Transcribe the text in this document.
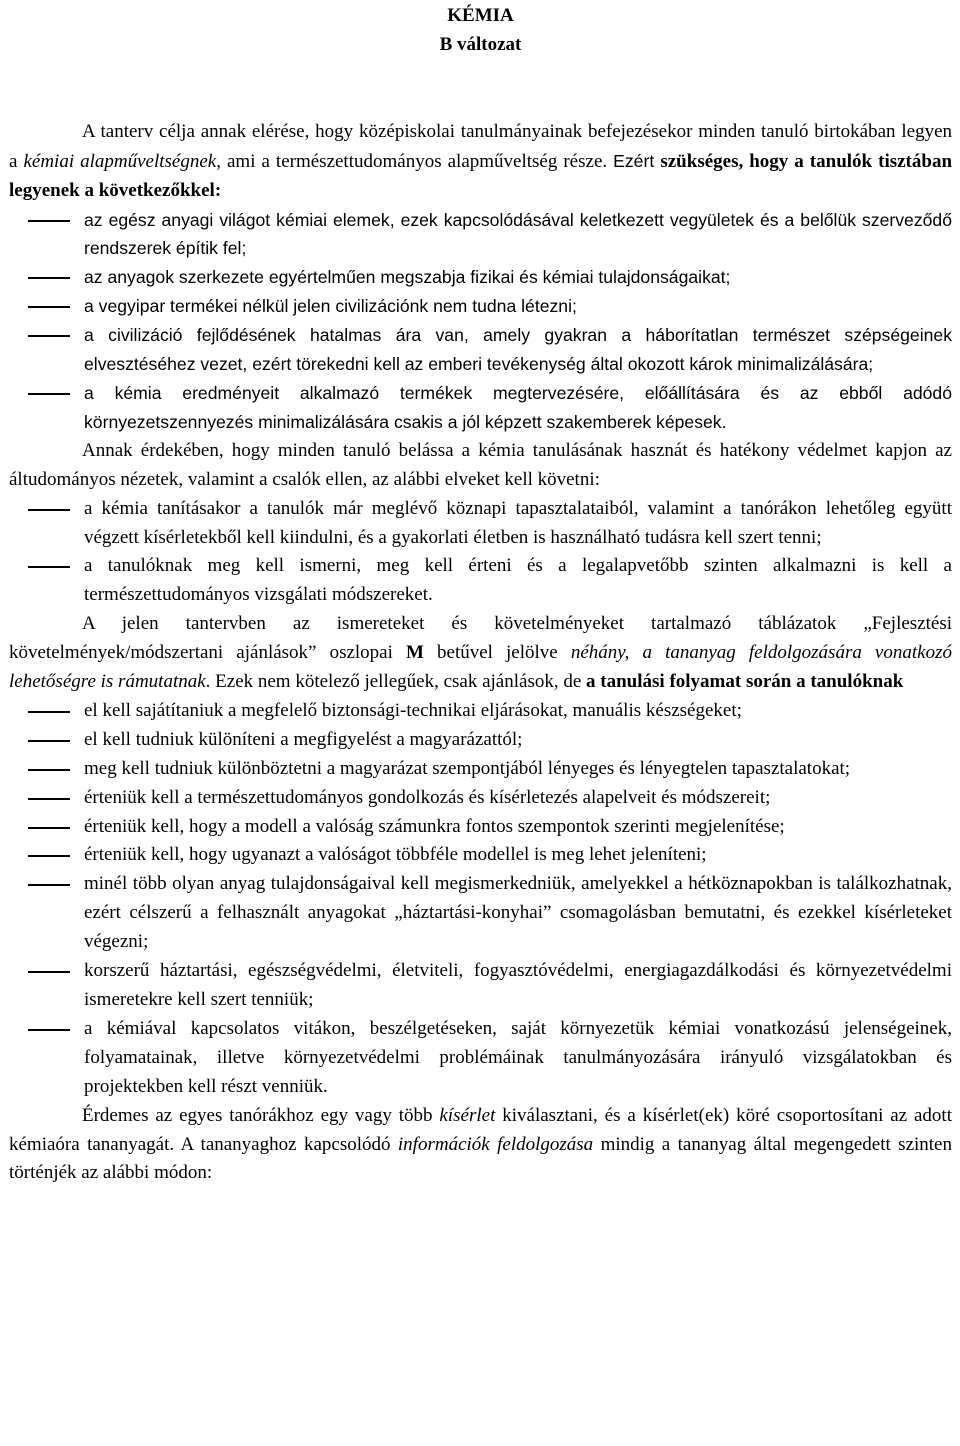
KÉMIA
B változat

A tanterv célja annak elérése, hogy középiskolai tanulmányainak befejezésekor minden tanuló birtokában legyen a kémiai alapműveltségnek, ami a természettudományos alapműveltség része. Ezért szükséges, hogy a tanulók tisztában legyenek a következőkkel:

az egész anyagi világot kémiai elemek, ezek kapcsolódásával keletkezett vegyületek és a belőlük szerveződő rendszerek építik fel;
az anyagok szerkezete egyértelműen megszabja fizikai és kémiai tulajdonságaikat;
a vegyipar termékei nélkül jelen civilizációnk nem tudna létezni;
a civilizáció fejlődésének hatalmas ára van, amely gyakran a háborítatlan természet szépségeinek elvesztéséhez vezet, ezért törekedni kell az emberi tevékenység által okozott károk minimalizálására;
a kémia eredményeit alkalmazó termékek megtervezésére, előállítására és az ebből adódó környezetszennyezés minimalizálására csakis a jól képzett szakemberek képesek.

Annak érdekében, hogy minden tanuló belássa a kémia tanulásának hasznát és hatékony védelmet kapjon az áltudományos nézetek, valamint a csalók ellen, az alábbi elveket kell követni:

a kémia tanításakor a tanulók már meglévő köznapi tapasztalataiból, valamint a tanórákon lehetőleg együtt végzett kísérletekből kell kiindulni, és a gyakorlati életben is használható tudásra kell szert tenni;
a tanulóknak meg kell ismerni, meg kell érteni és a legalapvetőbb szinten alkalmazni is kell a természettudományos vizsgálati módszereket.

A jelen tantervben az ismereteket és követelményeket tartalmazó táblázatok „Fejlesztési követelmények/módszertani ajánlások” oszlopai M betűvel jelölve néhány, a tananyag feldolgozására vonatkozó lehetőségre is rámutatnak. Ezek nem kötelező jellegűek, csak ajánlások, de a tanulási folyamat során a tanulóknak

el kell sajátítaniuk a megfelelő biztonsági-technikai eljárásokat, manuális készségeket;
el kell tudniuk különíteni a megfigyelést a magyarázattól;
meg kell tudniuk különböztetni a magyarázat szempontjából lényeges és lényegtelen tapasztalatokat;
érteniük kell a természettudományos gondolkozás és kísérletezés alapelveit és módszereit;
érteniük kell, hogy a modell a valóság számunkra fontos szempontok szerinti megjelenítése;
érteniük kell, hogy ugyanazt a valóságot többféle modellel is meg lehet jeleníteni;
minél több olyan anyag tulajdonságaival kell megismerkedniük, amelyekkel a hétköznapokban is találkozhatnak, ezért célszerű a felhasznált anyagokat „háztartási-konyhai” csomagolásban bemutatni, és ezekkel kísérleteket végezni;
korszerű háztartási, egészségvédelmi, életviteli, fogyasztóvédelmi, energiagazdálkodási és környezetvédelmi ismeretekre kell szert tenniük;
a kémiával kapcsolatos vitákon, beszélgetéseken, saját környezetük kémiai vonatkozású jelenségeinek, folyamatainak, illetve környezetvédelmi problémáinak tanulmányozására irányuló vizsgálatokban és projektekben kell részt venniük.

Érdemes az egyes tanórákhoz egy vagy több kísérlet kiválasztani, és a kísérlet(ek) köré csoportosítani az adott kémiaóra tananyagát. A tananyaghoz kapcsolódó információk feldolgozása mindig a tananyag által megengedett szinten történjék az alábbi módon:
